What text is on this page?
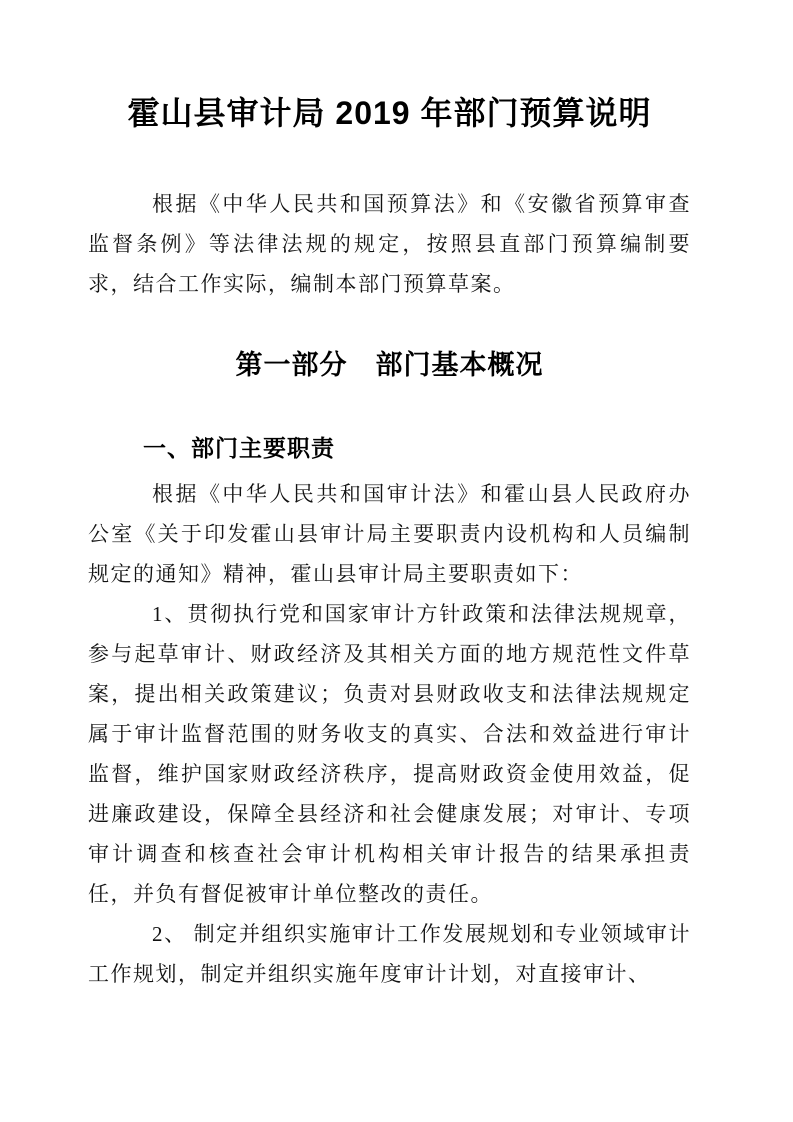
霍山县审计局 2019 年部门预算说明

根据《中华人民共和国预算法》和《安徽省预算审查监督条例》等法律法规的规定，按照县直部门预算编制要求，结合工作实际，编制本部门预算草案。

第一部分　部门基本概况
一、部门主要职责

根据《中华人民共和国审计法》和霍山县人民政府办公室《关于印发霍山县审计局主要职责内设机构和人员编制规定的通知》精神，霍山县审计局主要职责如下：

1、贯彻执行党和国家审计方针政策和法律法规规章，参与起草审计、财政经济及其相关方面的地方规范性文件草案，提出相关政策建议；负责对县财政收支和法律法规规定属于审计监督范围的财务收支的真实、合法和效益进行审计监督，维护国家财政经济秩序，提高财政资金使用效益，促进廉政建设，保障全县经济和社会健康发展；对审计、专项审计调查和核查社会审计机构相关审计报告的结果承担责任，并负有督促被审计单位整改的责任。

2、 制定并组织实施审计工作发展规划和专业领域审计工作规划，制定并组织实施年度审计计划，对直接审计、
